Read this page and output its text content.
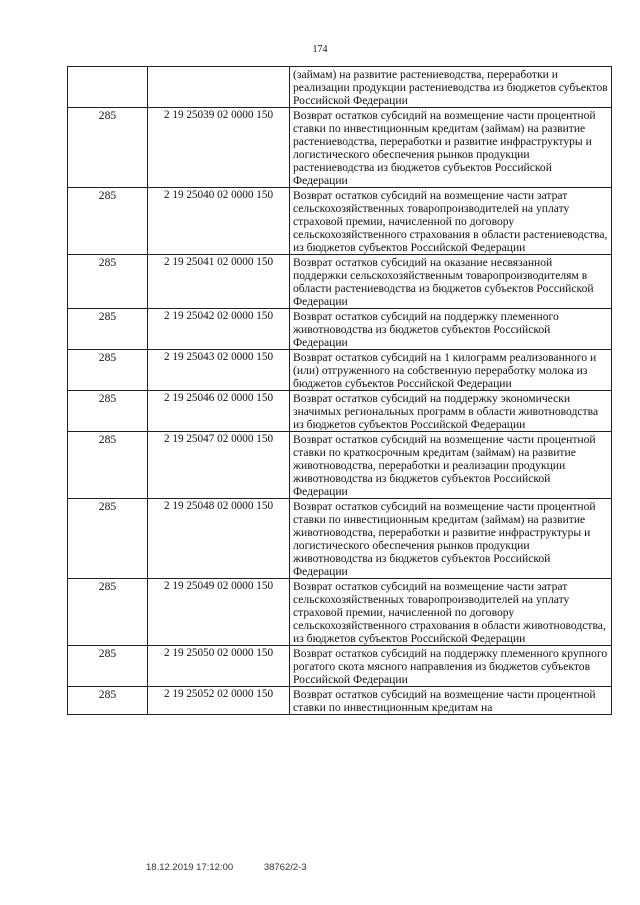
174
		(займам) на развитие растениеводства, переработки и реализации продукции растениеводства из бюджетов субъектов Российской Федерации
285	2 19 25039 02 0000 150	Возврат остатков субсидий на возмещение части процентной ставки по инвестиционным кредитам (займам) на развитие растениеводства, переработки и развитие инфраструктуры и логистического обеспечения рынков продукции растениеводства из бюджетов субъектов Российской Федерации
285	2 19 25040 02 0000 150	Возврат остатков субсидий на возмещение части затрат сельскохозяйственных товаропроизводителей на уплату страховой премии, начисленной по договору сельскохозяйственного страхования в области растениеводства, из бюджетов субъектов Российской Федерации
285	2 19 25041 02 0000 150	Возврат остатков субсидий на оказание несвязанной поддержки сельскохозяйственным товаропроизводителям в области растениеводства из бюджетов субъектов Российской Федерации
285	2 19 25042 02 0000 150	Возврат остатков субсидий на поддержку племенного животноводства из бюджетов субъектов Российской Федерации
285	2 19 25043 02 0000 150	Возврат остатков субсидий на 1 килограмм реализованного и (или) отгруженного на собственную переработку молока из бюджетов субъектов Российской Федерации
285	2 19 25046 02 0000 150	Возврат остатков субсидий на поддержку экономически значимых региональных программ в области животноводства из бюджетов субъектов Российской Федерации
285	2 19 25047 02 0000 150	Возврат остатков субсидий на возмещение части процентной ставки по краткосрочным кредитам (займам) на развитие животноводства, переработки и реализации продукции животноводства из бюджетов субъектов Российской Федерации
285	2 19 25048 02 0000 150	Возврат остатков субсидий на возмещение части процентной ставки по инвестиционным кредитам (займам) на развитие животноводства, переработки и развитие инфраструктуры и логистического обеспечения рынков продукции животноводства из бюджетов субъектов Российской Федерации
285	2 19 25049 02 0000 150	Возврат остатков субсидий на возмещение части затрат сельскохозяйственных товаропроизводителей на уплату страховой премии, начисленной по договору сельскохозяйственного страхования в области животноводства, из бюджетов субъектов Российской Федерации
285	2 19 25050 02 0000 150	Возврат остатков субсидий на поддержку племенного крупного рогатого скота мясного направления из бюджетов субъектов Российской Федерации
285	2 19 25052 02 0000 150	Возврат остатков субсидий на возмещение части процентной ставки по инвестиционным кредитам на
18.12.2019 17:12:00	38762/2-3
